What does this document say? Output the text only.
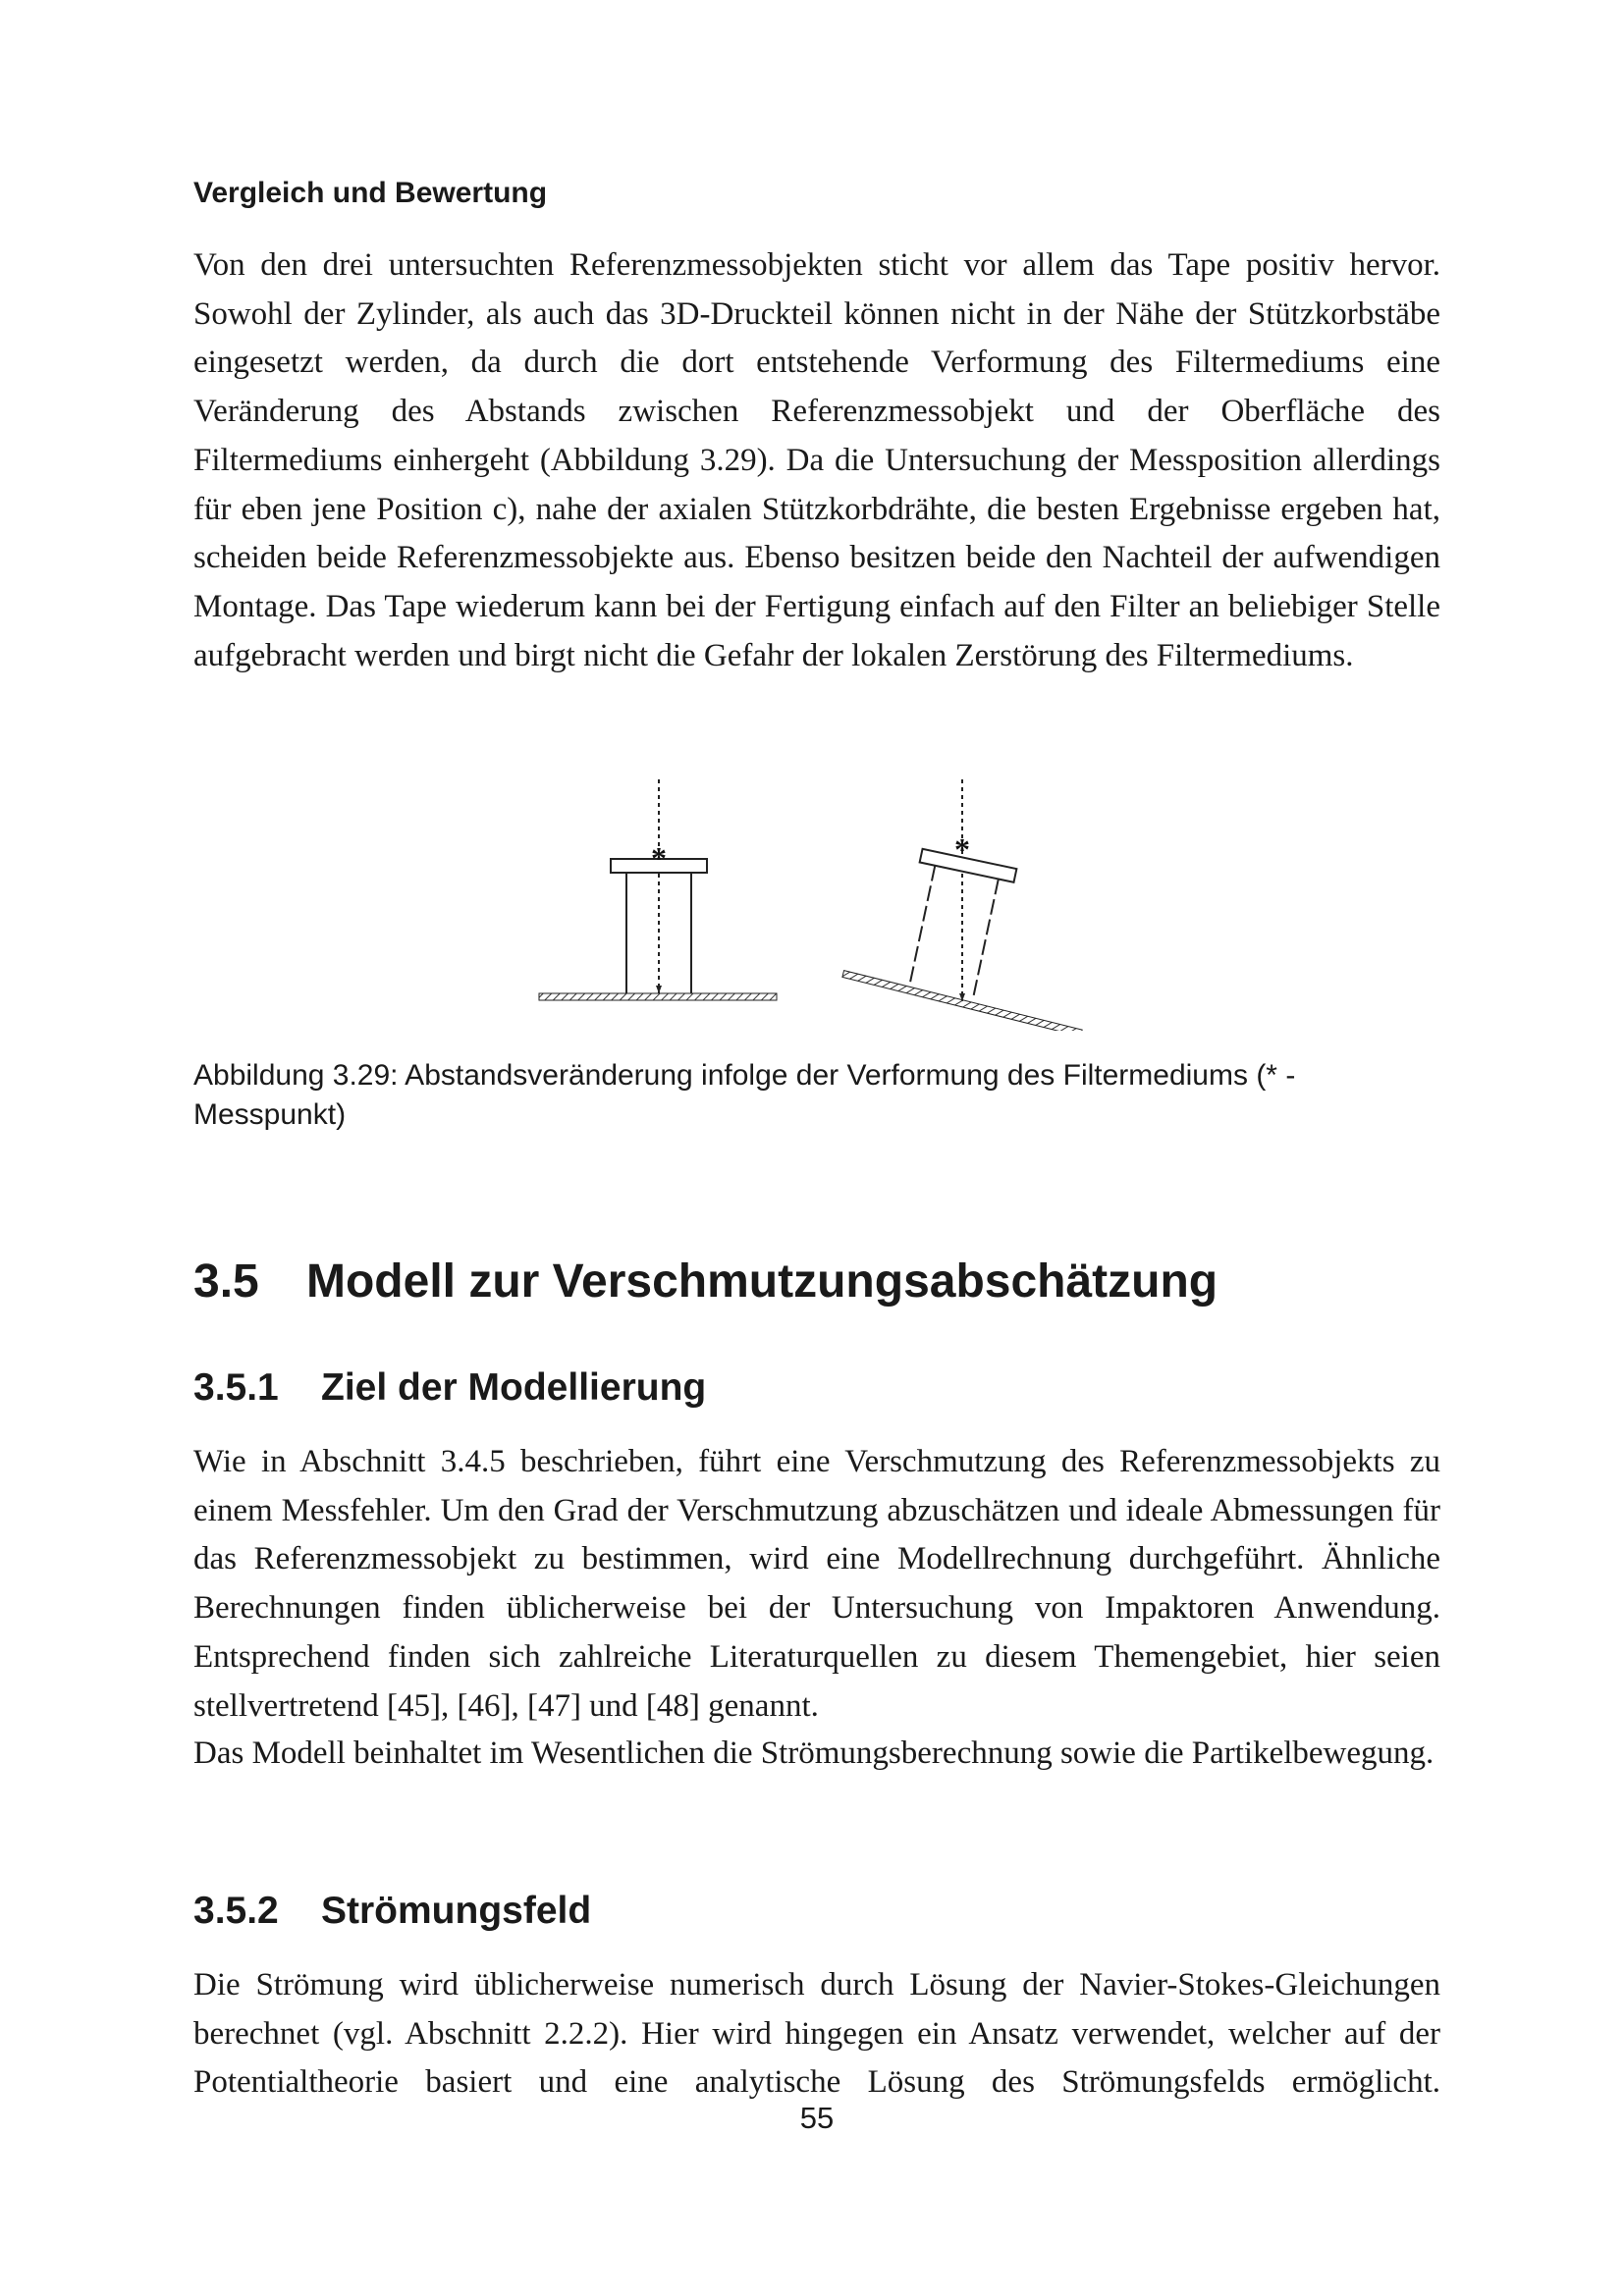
Vergleich und Bewertung

Von den drei untersuchten Referenzmessobjekten sticht vor allem das Tape positiv hervor. Sowohl der Zylinder, als auch das 3D-Druckteil können nicht in der Nähe der Stützkorbstäbe eingesetzt werden, da durch die dort entstehende Verformung des Filtermediums eine Veränderung des Abstands zwischen Referenzmessobjekt und der Oberfläche des Filtermediums einhergeht (Abbildung 3.29). Da die Untersuchung der Messposition allerdings für eben jene Position c), nahe der axialen Stützkorbdrähte, die besten Ergebnisse ergeben hat, scheiden beide Referenzmessobjekte aus. Ebenso besitzen beide den Nachteil der aufwendigen Montage. Das Tape wiederum kann bei der Fertigung einfach auf den Filter an beliebiger Stelle aufgebracht werden und birgt nicht die Gefahr der lokalen Zerstörung des Filtermediums.

*	*

Abbildung 3.29: Abstandsveränderung infolge der Verformung des Filtermediums (* - Messpunkt)

3.5 Modell zur Verschmutzungsabschätzung
3.5.1 Ziel der Modellierung

Wie in Abschnitt 3.4.5 beschrieben, führt eine Verschmutzung des Referenzmessobjekts zu einem Messfehler. Um den Grad der Verschmutzung abzuschätzen und ideale Abmessungen für das Referenzmessobjekt zu bestimmen, wird eine Modellrechnung durchgeführt. Ähnliche Berechnungen finden üblicherweise bei der Untersuchung von Impaktoren Anwendung. Entsprechend finden sich zahlreiche Literaturquellen zu diesem Themengebiet, hier seien stellvertretend [45], [46], [47] und [48] genannt.

Das Modell beinhaltet im Wesentlichen die Strömungsberechnung sowie die Partikelbewegung.

3.5.2 Strömungsfeld

Die Strömung wird üblicherweise numerisch durch Lösung der Navier-Stokes-Gleichungen berechnet (vgl. Abschnitt 2.2.2). Hier wird hingegen ein Ansatz verwendet, welcher auf der Potentialtheorie basiert und eine analytische Lösung des Strömungsfelds ermöglicht.

55
